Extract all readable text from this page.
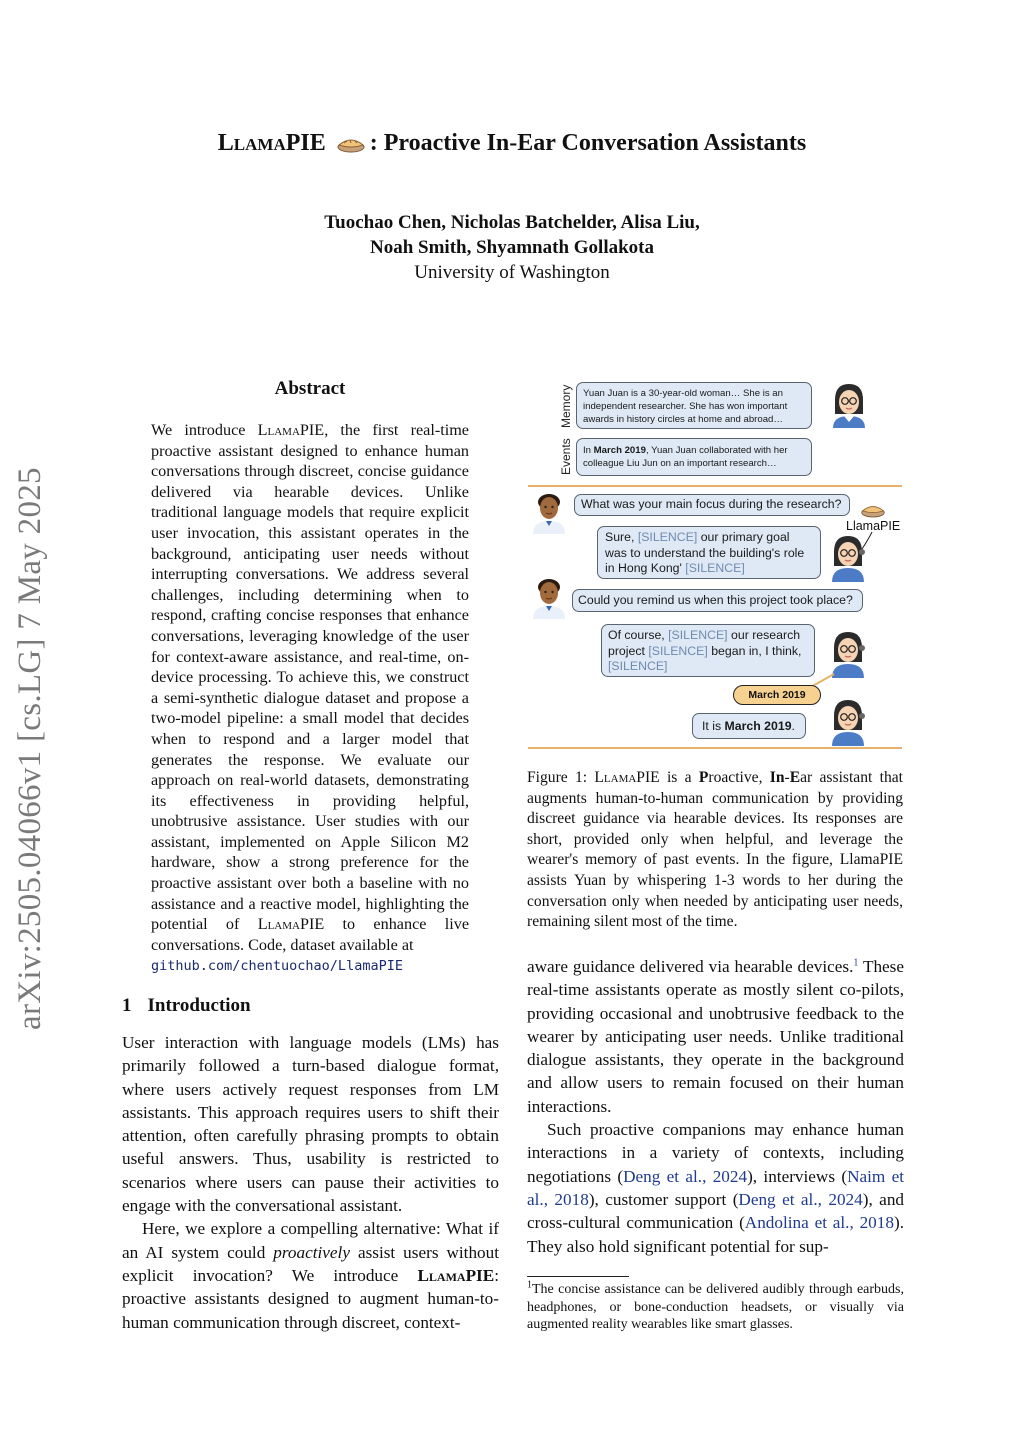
LlamaPIE : Proactive In-Ear Conversation Assistants
Tuochao Chen, Nicholas Batchelder, Alisa Liu,
Noah Smith, Shyamnath Gollakota
University of Washington
arXiv:2505.04066v1 [cs.LG] 7 May 2025
Abstract
We introduce LlamaPIE, the first real-time proactive assistant designed to enhance human conversations through discreet, concise guidance delivered via hearable devices. Unlike traditional language models that require explicit user invocation, this assistant operates in the background, anticipating user needs without interrupting conversations. We address several challenges, including determining when to respond, crafting concise responses that enhance conversations, leveraging knowledge of the user for context-aware assistance, and real-time, on-device processing. To achieve this, we construct a semi-synthetic dialogue dataset and propose a two-model pipeline: a small model that decides when to respond and a larger model that generates the response. We evaluate our approach on real-world datasets, demonstrating its effectiveness in providing helpful, unobtrusive assistance. User studies with our assistant, implemented on Apple Silicon M2 hardware, show a strong preference for the proactive assistant over both a baseline with no assistance and a reactive model, highlighting the potential of LlamaPIE to enhance live conversations. Code, dataset available at
github.com/chentuochao/LlamaPIE
1 Introduction

User interaction with language models (LMs) has primarily followed a turn-based dialogue format, where users actively request responses from LM assistants. This approach requires users to shift their attention, often carefully phrasing prompts to obtain useful answers. Thus, usability is restricted to scenarios where users can pause their activities to engage with the conversational assistant.

Here, we explore a compelling alternative: What if an AI system could proactively assist users without explicit invocation? We introduce LlamaPIE: proactive assistants designed to augment human-to-human communication through discreet, context-

Memory
Events
Yuan Juan is a 30-year-old woman… She is an independent researcher. She has won important awards in history circles at home and abroad…
In March 2019, Yuan Juan collaborated with her colleague Liu Jun on an important research…
What was your main focus during the research?
LlamaPIE
Sure, [SILENCE] our primary goal was to understand the building's role in Hong Kong' [SILENCE]
Could you remind us when this project took place?
Of course, [SILENCE] our research project [SILENCE] began in, I think, [SILENCE]
March 2019
It is March 2019.
Figure 1: LlamaPIE is a Proactive, In-Ear assistant that augments human-to-human communication by providing discreet guidance via hearable devices. Its responses are short, provided only when helpful, and leverage the wearer's memory of past events. In the figure, LlamaPIE assists Yuan by whispering 1-3 words to her during the conversation only when needed by anticipating user needs, remaining silent most of the time.

aware guidance delivered via hearable devices.$^1$ These real-time assistants operate as mostly silent co-pilots, providing occasional and unobtrusive feedback to the wearer by anticipating user needs. Unlike traditional dialogue assistants, they operate in the background and allow users to remain focused on their human interactions.

Such proactive companions may enhance human interactions in a variety of contexts, including negotiations (Deng et al., 2024), interviews (Naim et al., 2018), customer support (Deng et al., 2024), and cross-cultural communication (Andolina et al., 2018). They also hold significant potential for sup-

$^1$The concise assistance can be delivered audibly through earbuds, headphones, or bone-conduction headsets, or visually via augmented reality wearables like smart glasses.
